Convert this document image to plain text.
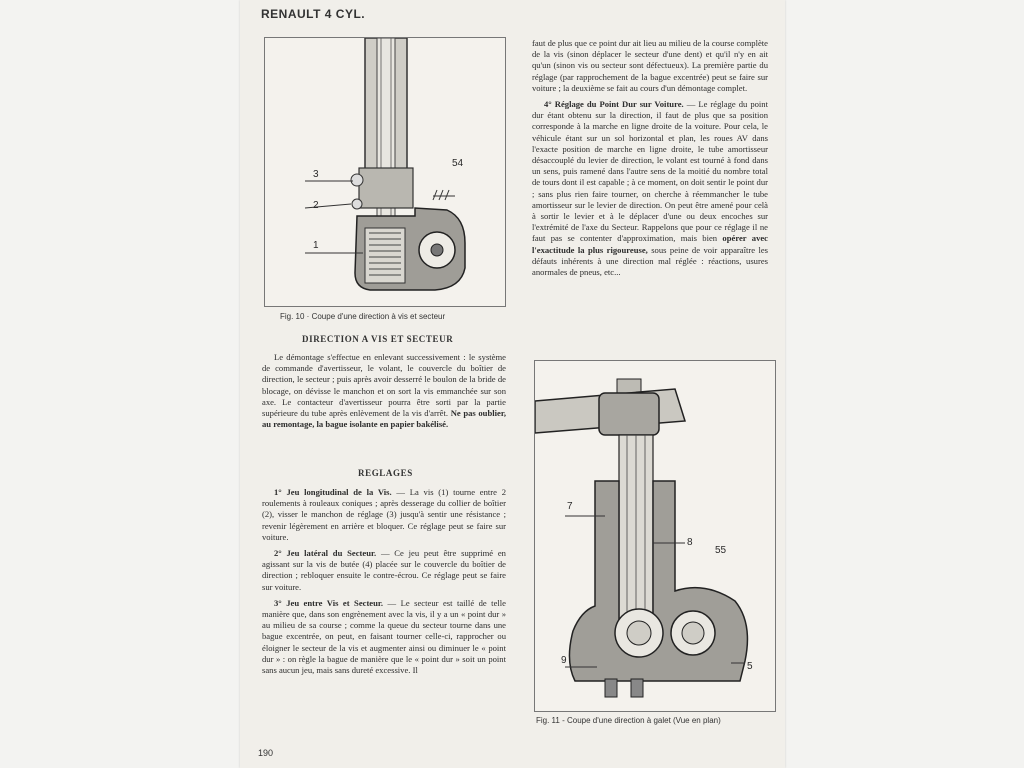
RENAULT 4 CYL.
54
3
2
1
Fig. 10 · Coupe d'une direction à vis et secteur
DIRECTION A VIS ET SECTEUR

Le démontage s'effectue en enlevant successivement : le système de commande d'avertisseur, le volant, le couvercle du boîtier de direction, le secteur ; puis après avoir desserré le boulon de la bride de blocage, on dévisse le manchon et on sort la vis emmanchée sur son axe. Le contacteur d'avertisseur pourra être sorti par la partie supérieure du tube après enlèvement de la vis d'arrêt. Ne pas oublier, au remontage, la bague isolante en papier bakélisé.

REGLAGES

1° Jeu longitudinal de la Vis. — La vis (1) tourne entre 2 roulements à rouleaux coniques ; après desserage du collier de boîtier (2), visser le manchon de réglage (3) jusqu'à sentir une résistance ; revenir légèrement en arrière et bloquer. Ce réglage peut se faire sur voiture.

2° Jeu latéral du Secteur. — Ce jeu peut être supprimé en agissant sur la vis de butée (4) placée sur le couvercle du boîtier de direction ; rebloquer ensuite le contre-écrou. Ce réglage peut se faire sur voiture.

3° Jeu entre Vis et Secteur. — Le secteur est taillé de telle manière que, dans son engrènement avec la vis, il y a un « point dur » au milieu de sa course ; comme la queue du secteur tourne dans une bague excentrée, on peut, en faisant tourner celle-ci, rapprocher ou éloigner le secteur de la vis et augmenter ainsi ou diminuer le « point dur » : on règle la bague de manière que le « point dur » soit un point sans aucun jeu, mais sans dureté excessive. Il

faut de plus que ce point dur ait lieu au milieu de la course complète de la vis (sinon déplacer le secteur d'une dent) et qu'il n'y en ait qu'un (sinon vis ou secteur sont défectueux). La première partie du réglage (par rapprochement de la bague excentrée) peut se faire sur voiture ; la deuxième se fait au cours d'un démontage complet.

4° Réglage du Point Dur sur Voiture. — Le réglage du point dur étant obtenu sur la direction, il faut de plus que sa position corresponde à la marche en ligne droite de la voiture. Pour cela, le véhicule étant sur un sol horizontal et plan, les roues AV dans l'exacte position de marche en ligne droite, le tube amortisseur désaccouplé du levier de direction, le volant est tourné à fond dans un sens, puis ramené dans l'autre sens de la moitié du nombre total de tours dont il est capable ; à ce moment, on doit sentir le point dur ; sans plus rien faire tourner, on cherche à réemmancher le tube amortisseur sur le levier de direction. On peut être amené pour celà à sortir le levier et à le déplacer d'une ou deux encoches sur l'extrémité de l'axe du Secteur. Rappelons que pour ce réglage il ne faut pas se contenter d'approximation, mais bien opérer avec l'exactitude la plus rigoureuse, sous peine de voir apparaître les défauts inhérents à une direction mal réglée : réactions, usures anormales de pneus, etc...

55
7
8
9
5
Fig. 11 - Coupe d'une direction à galet (Vue en plan)
190
